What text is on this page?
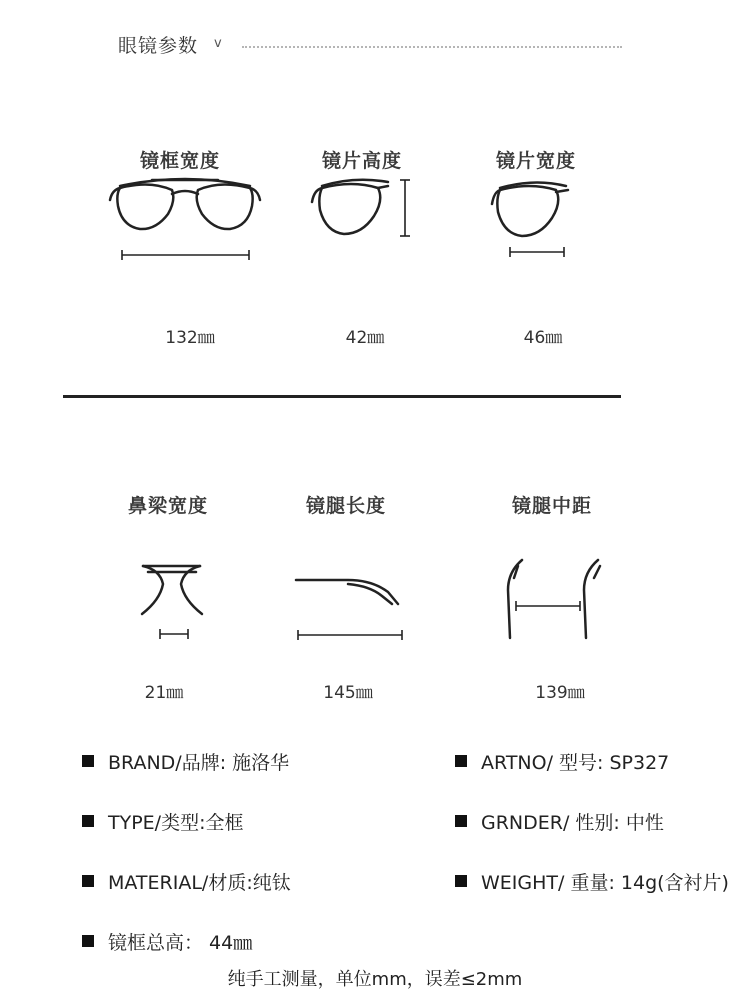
眼镜参数 v
镜框宽度	镜片高度	镜片宽度
132㎜	42㎜	46㎜
鼻梁宽度	镜腿长度	镜腿中距
21㎜	145㎜	139㎜
BRAND/品牌: 施洛华	ARTNO/ 型号: SP327
TYPE/类型:全框	GRNDER/ 性别: 中性
MATERIAL/材质:纯钛	WEIGHT/ 重量: 14g(含衬片)
镜框总高： 44㎜
纯手工测量，单位mm，误差≤2mm
